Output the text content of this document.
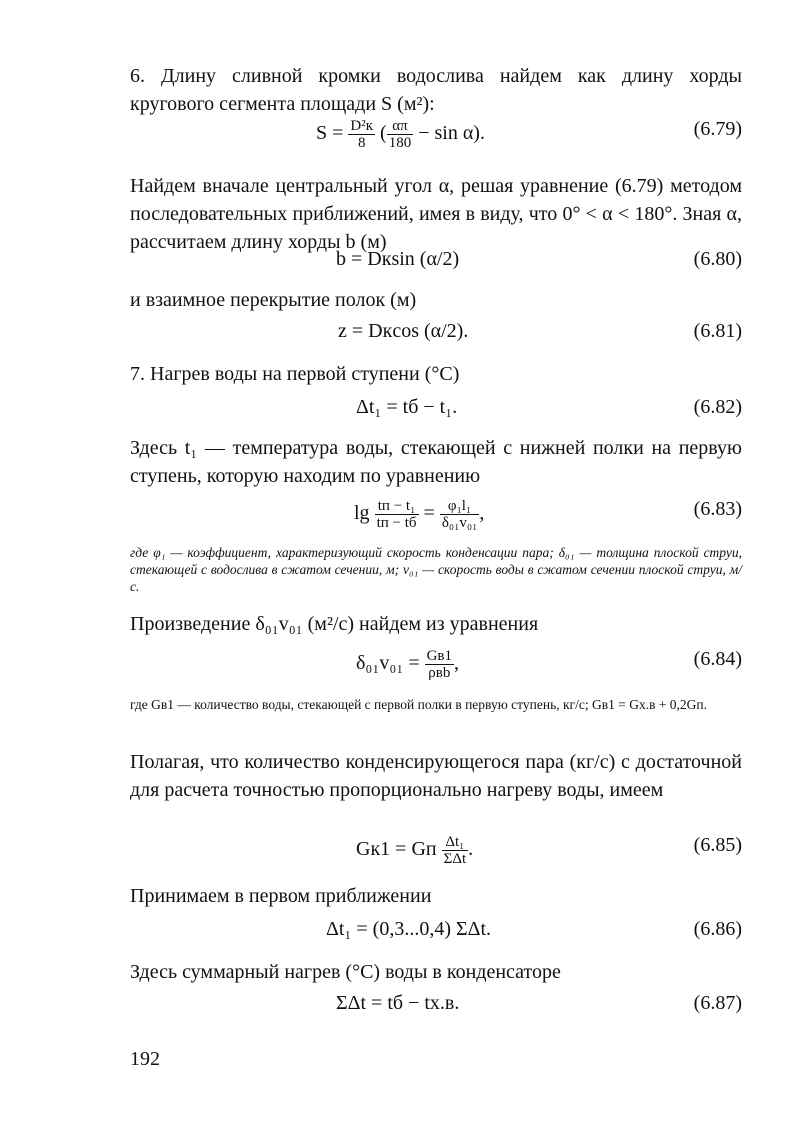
6. Длину сливной кромки водослива найдем как длину хорды кругового сегмента площади S (м²):

$S = \frac{\text{D²к}}{8}$ ( $\frac{\alpha\pi}{180} - \sin \alpha$).	(6.79)

Найдем вначале центральный угол α, решая уравнение (6.79) методом последовательных приближений, имея в виду, что 0° < α < 180°. Зная α, рассчитаем длину хорды b (м)

b = Dкsin (α/2)	(6.80)

и взаимное перекрытие полок (м)

z = Dкcos (α/2).	(6.81)

7. Нагрев воды на первой ступени (°С)

Δt₁ = tб − t₁.	(6.82)

Здесь t₁ — температура воды, стекающей с нижней полки на первую ступень, которую находим по уравнению

$\lg \frac{\text{tп − t₁}}{tп - tб} = \frac{\text{φ₁l₁}}{\text{δ₀₁v₀₁}}$ ,	(6.83)

где φ₁ — коэффициент, характеризующий скорость конденсации пара; δ₀₁ — толщина плоской струи, стекающей с водослива в сжатом сечении, м; v₀₁ — скорость воды в сжатом сечении плоской струи, м/с.

Произведение δ₀₁v₀₁ (м²/с) найдем из уравнения

$\delta_{01}v_{01} = \frac{Gв1}{\text{ρвb}}$ ,	(6.84)

где Gв1 — количество воды, стекающей с первой полки в первую ступень, кг/с; Gв1 = Gх.в + 0,2Gп.

Полагая, что количество конденсирующегося пара (кг/с) с достаточной для расчета точностью пропорционально нагреву воды, имеем

Gк1 = Gп $\frac{\text{Δt₁}}{\text{ΣΔt}}$ .	(6.85)

Принимаем в первом приближении

Δt₁ = (0,3...0,4) ΣΔt.	(6.86)

Здесь суммарный нагрев (°С) воды в конденсаторе

ΣΔt = tб − tх.в.	(6.87)
192
